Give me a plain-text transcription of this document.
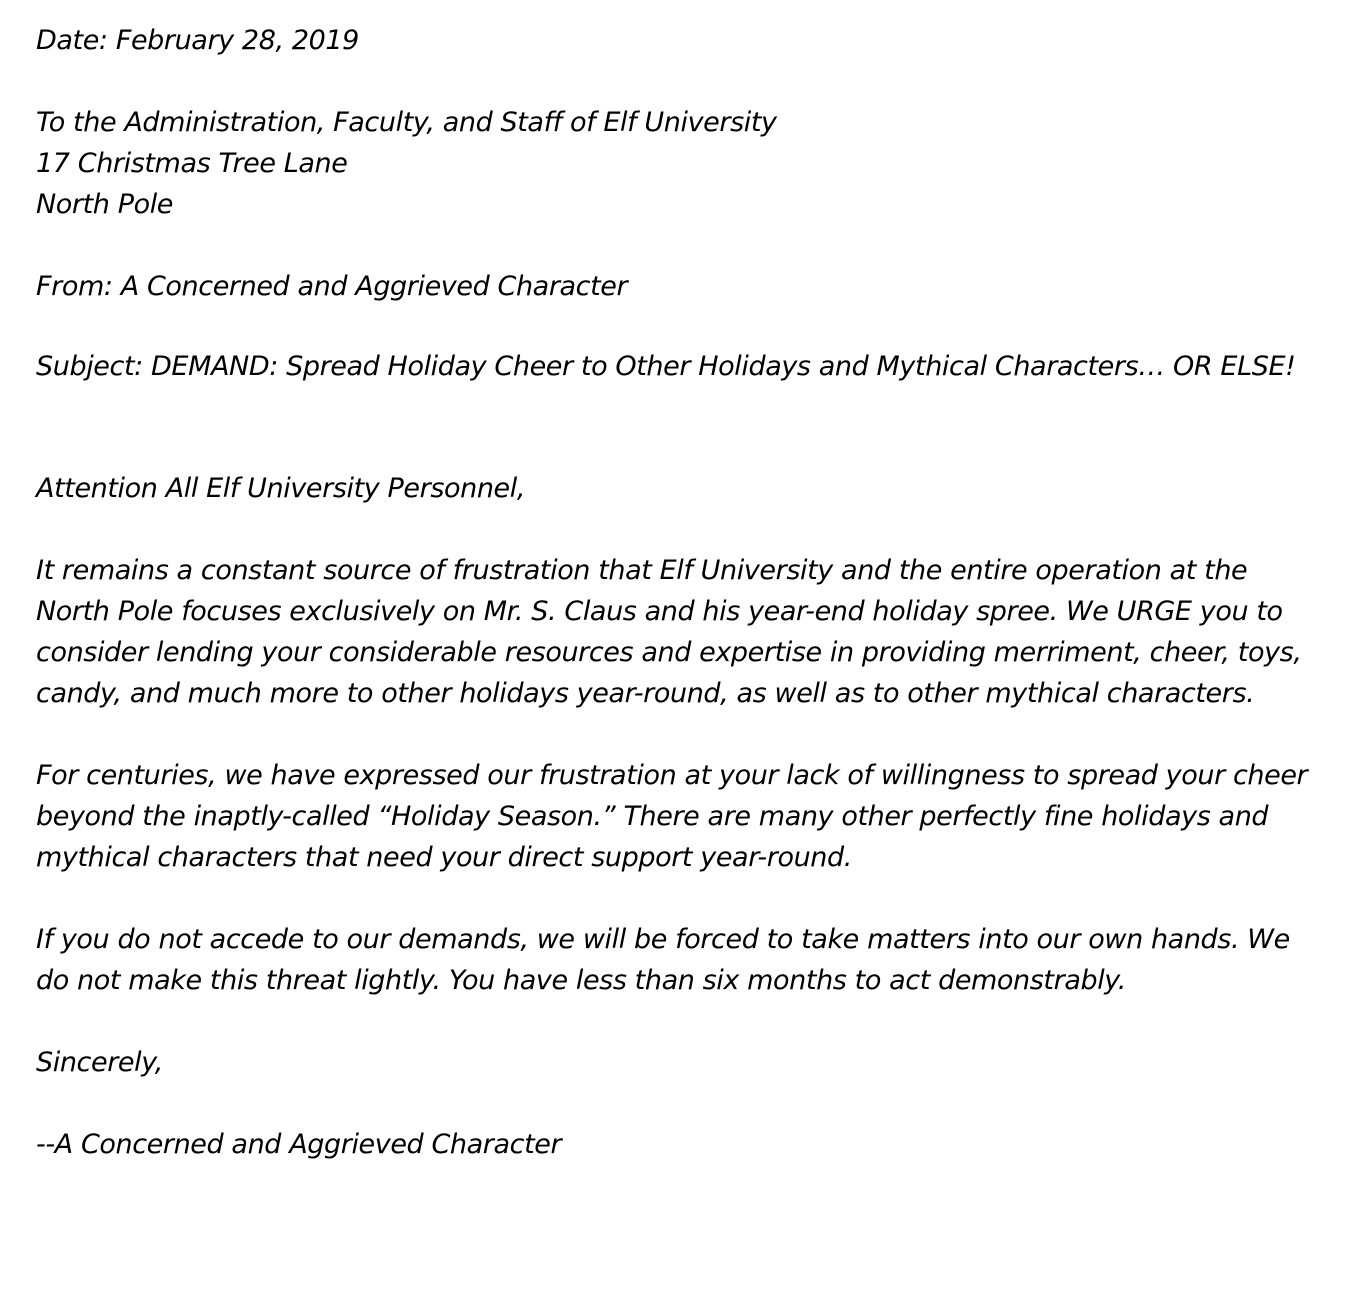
Date: February 28, 2019
To the Administration, Faculty, and Staff of Elf University
17 Christmas Tree Lane
North Pole
From: A Concerned and Aggrieved Character
Subject: DEMAND: Spread Holiday Cheer to Other Holidays and Mythical Characters… OR ELSE!
Attention All Elf University Personnel,
It remains a constant source of frustration that Elf University and the entire operation at the North Pole focuses exclusively on Mr. S. Claus and his year-end holiday spree. We URGE you to consider lending your considerable resources and expertise in providing merriment, cheer, toys, candy, and much more to other holidays year-round, as well as to other mythical characters.
For centuries, we have expressed our frustration at your lack of willingness to spread your cheer beyond the inaptly-called “Holiday Season.” There are many other perfectly fine holidays and mythical characters that need your direct support year-round.
If you do not accede to our demands, we will be forced to take matters into our own hands. We do not make this threat lightly. You have less than six months to act demonstrably.
Sincerely,
--A Concerned and Aggrieved Character
